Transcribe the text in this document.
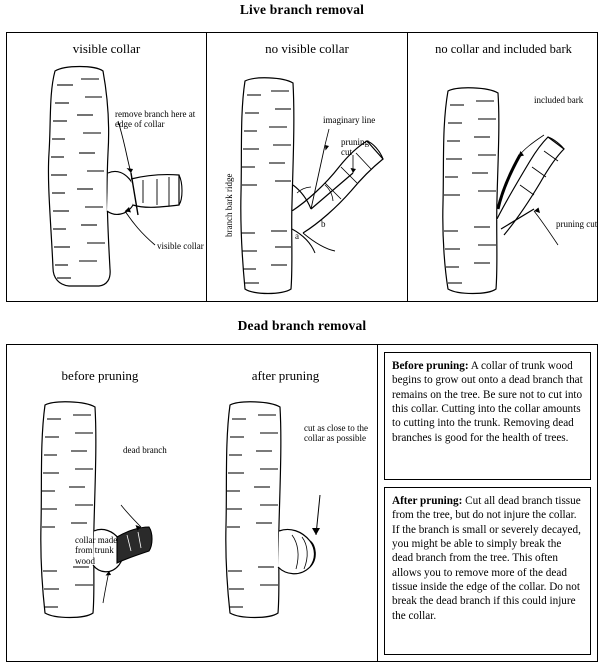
Live branch removal
visible collar
remove branch here at edge of collar
visible collar
no visible collar
branch bark ridge
imaginary line
pruning cut
a
b
no collar and included bark
included bark
pruning cut
Dead branch removal
before pruning
dead branch
collar made from trunk wood
after pruning
cut as close to the collar as possible
Before pruning: A collar of trunk wood begins to grow out onto a dead branch that remains on the tree. Be sure not to cut into this collar. Cutting into the collar amounts to cutting into the trunk. Removing dead branches is good for the health of trees.
After pruning: Cut all dead branch tissue from the tree, but do not injure the collar. If the branch is small or severely decayed, you might be able to simply break the dead branch from the tree. This often allows you to remove more of the dead tissue inside the edge of the collar. Do not break the dead branch if this could injure the collar.
